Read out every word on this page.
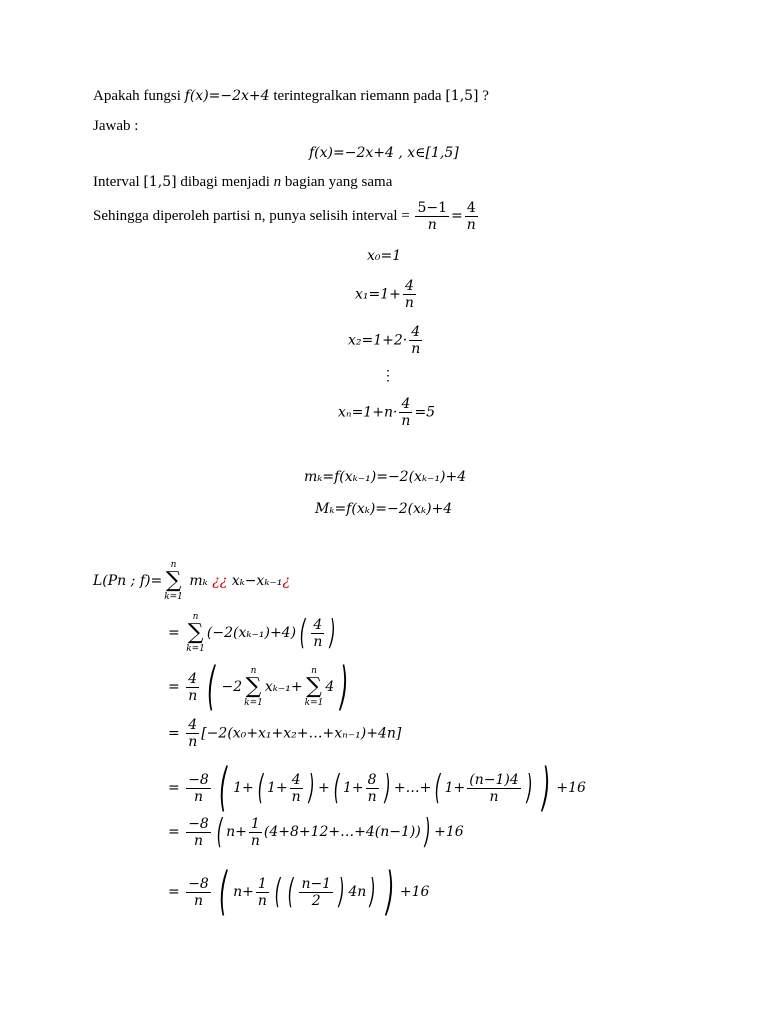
Apakah fungsi f(x)=−2x+4 terintegralkan riemann pada [1,5] ?
Jawab :
f(x)=−2x+4 , x∈[1,5]
Interval [1,5] dibagi menjadi n bagian yang sama
Sehingga diperoleh partisi n, punya selisih interval = $\frac{5-1}{n} = \frac{4}{n}$
x₀=1
$x_1=1+ \frac{4}{n}$
$x_2=1+2\cdot \frac{4}{n}$
⋮
$x_n=1+n\cdot \frac{4}{n} =5$
mₖ=f(xₖ₋₁)=−2(xₖ₋₁)+4
Mₖ=f(xₖ)=−2(xₖ)+4
L(Pn ; f)=
n
∑
k=1
mₖ ¿¿ xₖ−xₖ₋₁¿
=
n
∑
k=1
(−2(xₖ₋₁)+4) ( $\frac{4}{n}$ )
= $\frac{4}{n}$ ( −2
n
∑
k=1
xₖ₋₁+
n
∑
k=1
4 )
= $\frac{4}{n}$ [−2(x₀+x₁+x₂+…+xₙ₋₁)+4n]
= $\frac{-8}{n}$ ( 1+ ( $1+ \frac{4}{n}$ ) + ( $1+ \frac{8}{n}$ ) +…+ ( $1+ \frac{(n-1)4}{n}$ ) ) +16
= $\frac{-8}{n}$ ( $n+ \frac{1}{n}$ (4+8+12+…+4(n−1)) ) +16
= $\frac{-8}{n}$ ( $n+ \frac{1}{n}$ ( ( $\frac{n-1}{2}$ ) 4n ) ) +16
